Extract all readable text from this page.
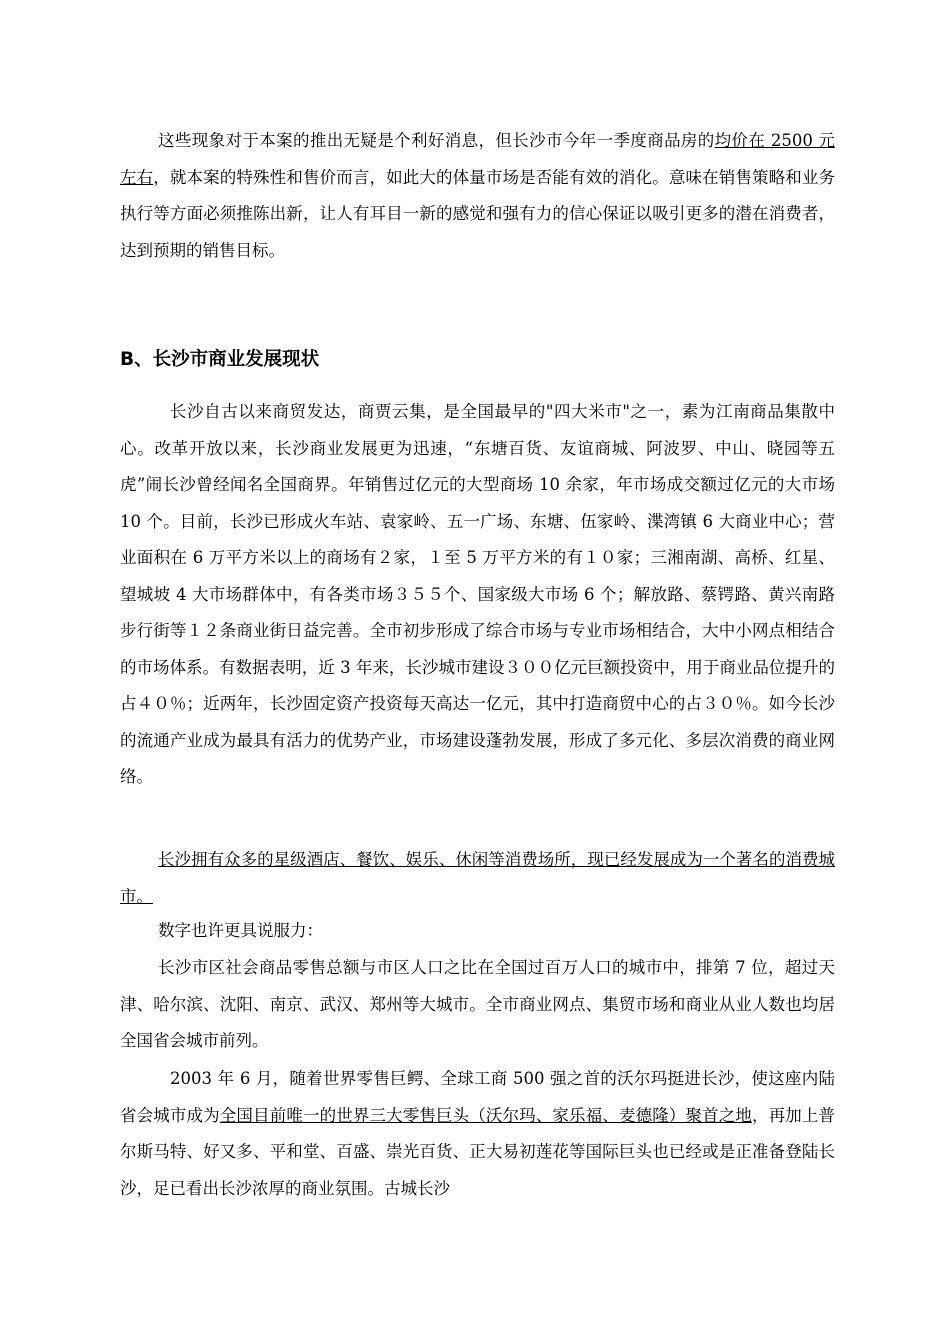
这些现象对于本案的推出无疑是个利好消息，但长沙市今年一季度商品房的均价在 2500 元左右，就本案的特殊性和售价而言，如此大的体量市场是否能有效的消化。意味在销售策略和业务执行等方面必须推陈出新，让人有耳目一新的感觉和强有力的信心保证以吸引更多的潜在消费者，达到预期的销售目标。

B、长沙市商业发展现状

长沙自古以来商贸发达，商贾云集，是全国最早的"四大米市"之一，素为江南商品集散中心。改革开放以来，长沙商业发展更为迅速，“东塘百货、友谊商城、阿波罗、中山、晓园等五虎”闹长沙曾经闻名全国商界。年销售过亿元的大型商场 10 余家，年市场成交额过亿元的大市场 10 个。目前，长沙已形成火车站、袁家岭、五一广场、东塘、伍家岭、渫湾镇 6 大商业中心；营业面积在 6 万平方米以上的商场有２家，１至 5 万平方米的有１０家；三湘南湖、高桥、红星、望城坡 4 大市场群体中，有各类市场３５５个、国家级大市场 6 个；解放路、蔡锷路、黄兴南路步行街等１２条商业街日益完善。全市初步形成了综合市场与专业市场相结合，大中小网点相结合的市场体系。有数据表明，近 3 年来，长沙城市建设３００亿元巨额投资中，用于商业品位提升的占４０％；近两年，长沙固定资产投资每天高达一亿元，其中打造商贸中心的占３０％。如今长沙的流通产业成为最具有活力的优势产业，市场建设蓬勃发展，形成了多元化、多层次消费的商业网络。

长沙拥有众多的星级酒店、餐饮、娱乐、休闲等消费场所，现已经发展成为一个著名的消费城市。

数字也许更具说服力：

长沙市区社会商品零售总额与市区人口之比在全国过百万人口的城市中，排第 7 位，超过天津、哈尔滨、沈阳、南京、武汉、郑州等大城市。全市商业网点、集贸市场和商业从业人数也均居全国省会城市前列。

2003 年 6 月，随着世界零售巨鳄、全球工商 500 强之首的沃尔玛挺进长沙，使这座内陆省会城市成为全国目前唯一的世界三大零售巨头（沃尔玛、家乐福、麦德隆）聚首之地，再加上普尔斯马特、好又多、平和堂、百盛、崇光百货、正大易初莲花等国际巨头也已经或是正准备登陆长沙，足已看出长沙浓厚的商业氛围。古城长沙
